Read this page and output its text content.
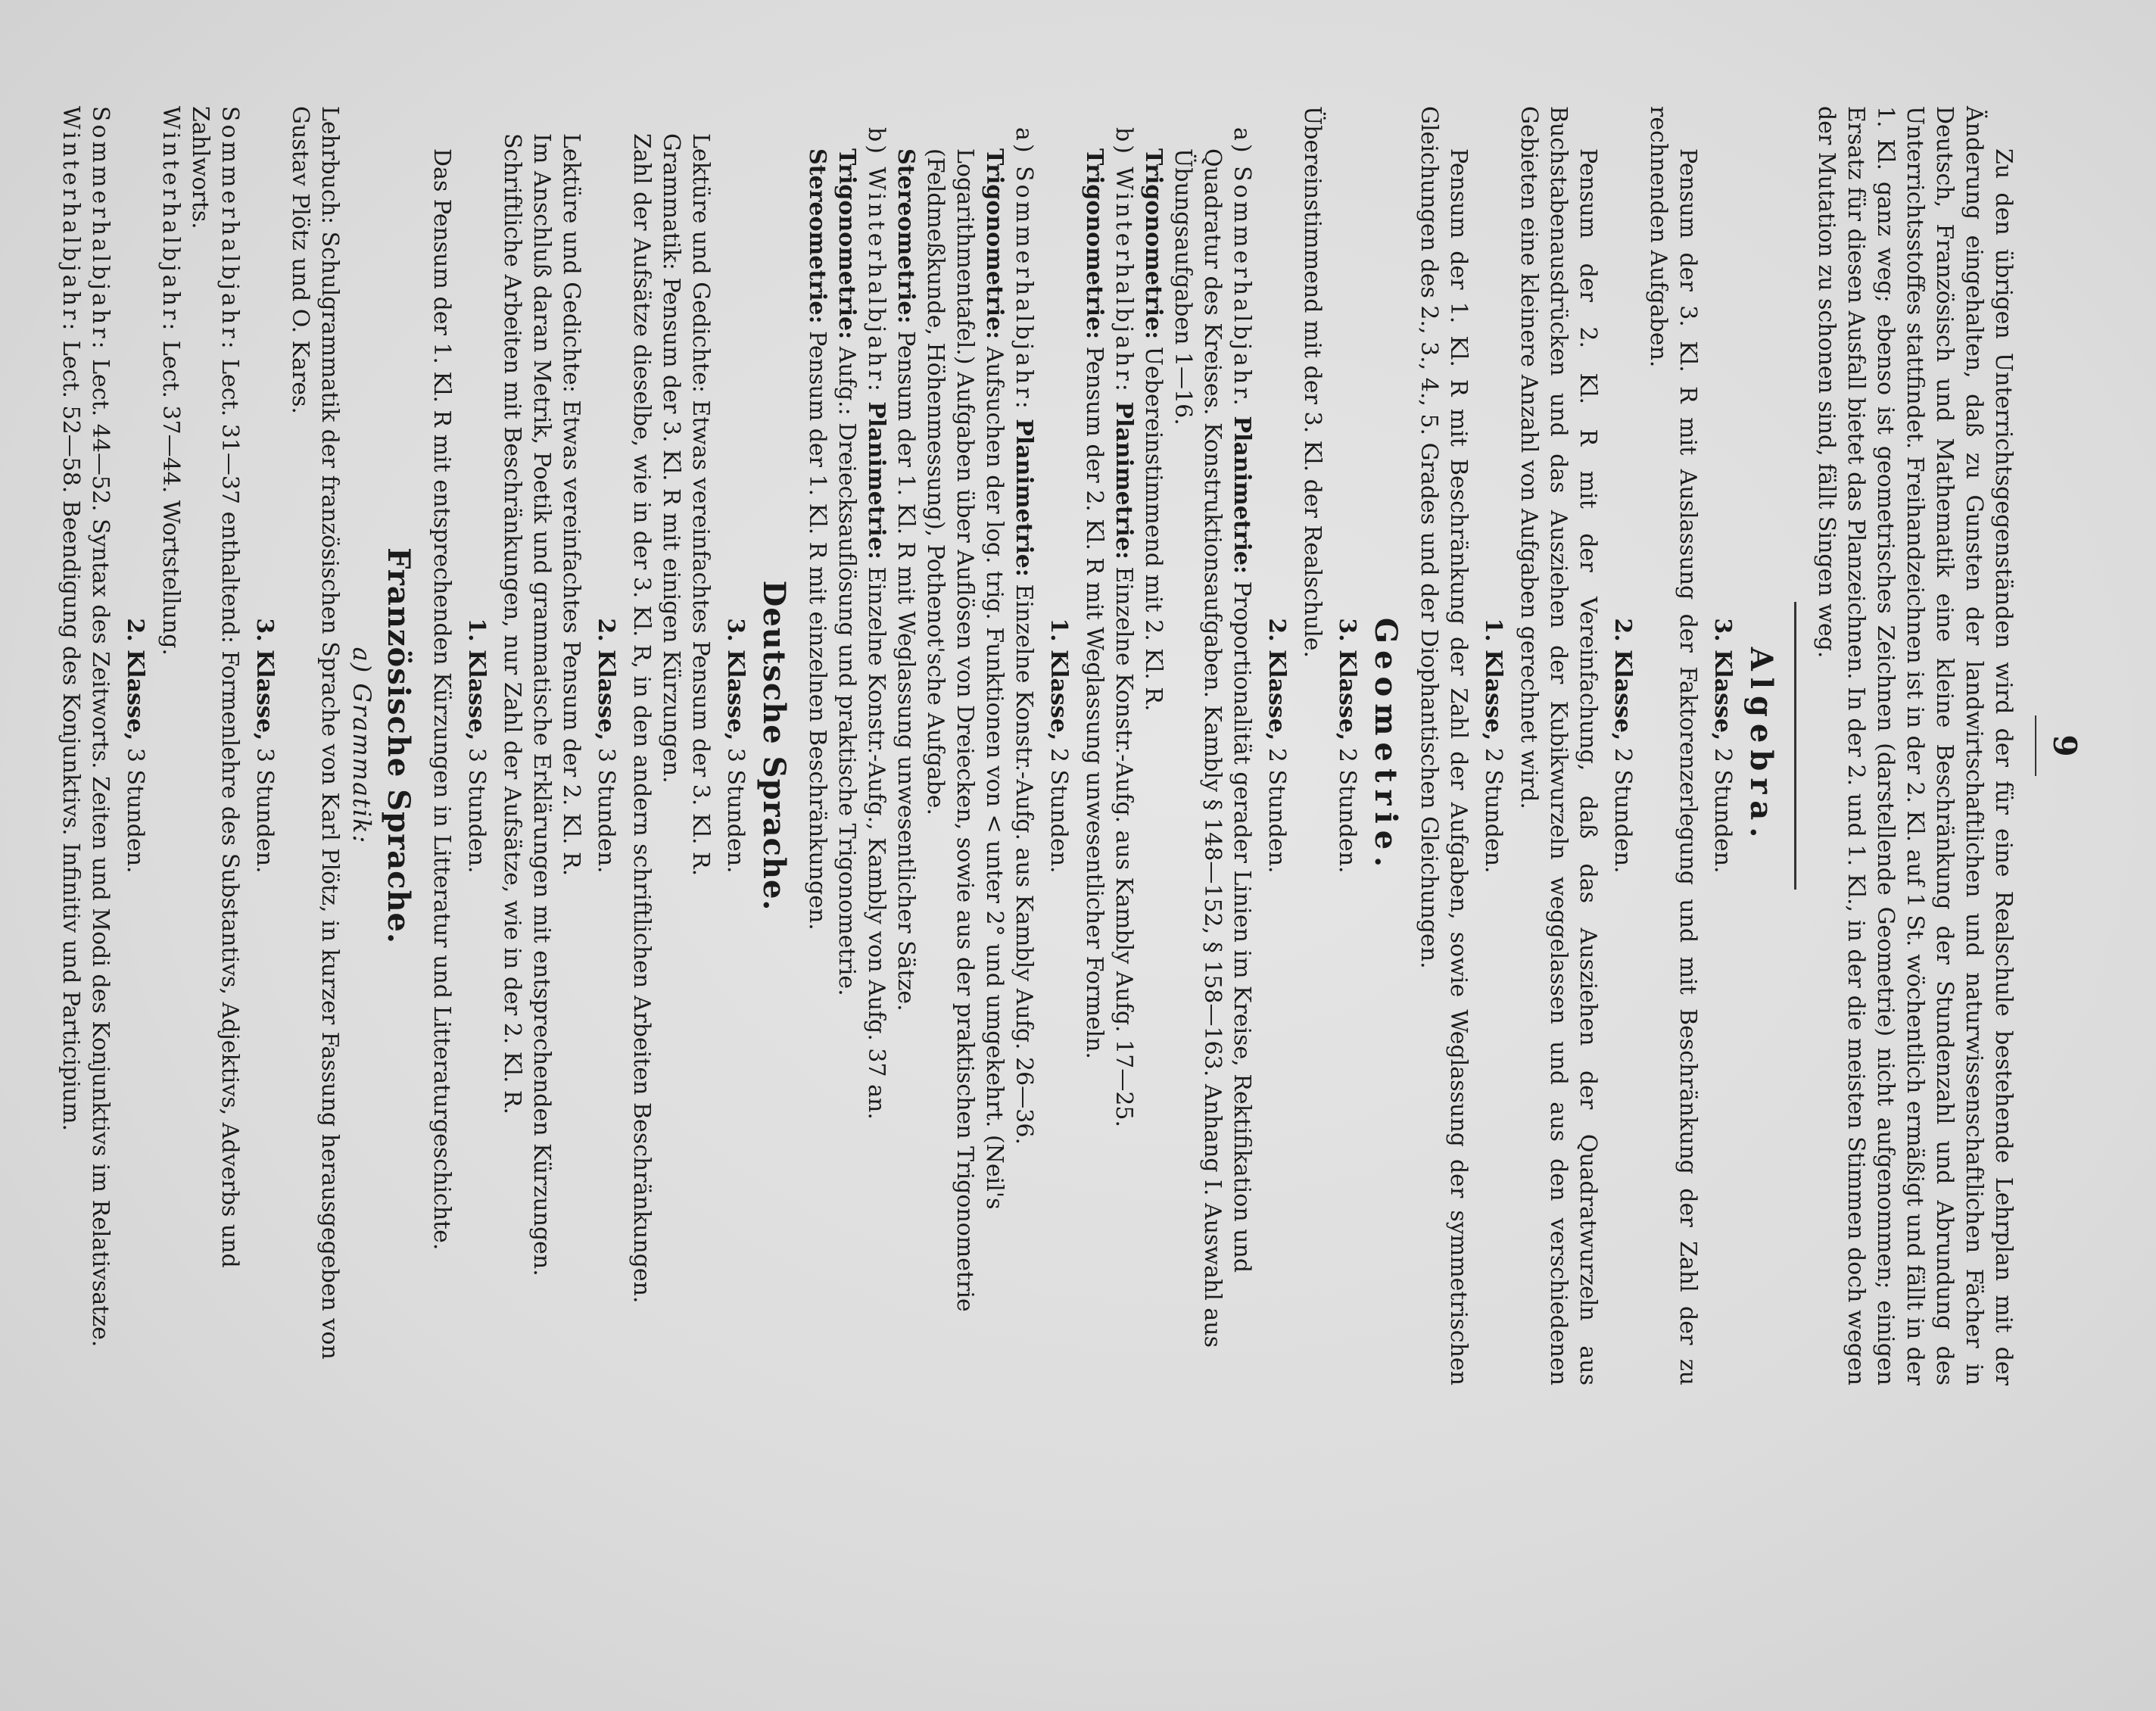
9

Zu den übrigen Unterrichtsgegenständen wird der für eine Realschule bestehende Lehrplan mit der Änderung eingehalten, daß zu Gunsten der landwirtschaftlichen und naturwissenschaftlichen Fächer in Deutsch, Französisch und Mathematik eine kleine Beschränkung der Stundenzahl und Abrundung des Unterrichtsstoffes stattfindet. Freihandzeichnen ist in der 2. Kl. auf 1 St. wöchentlich ermäßigt und fällt in der 1. Kl. ganz weg; ebenso ist geometrisches Zeichnen (darstellende Geometrie) nicht aufgenommen; einigen Ersatz für diesen Ausfall bietet das Planzeichnen. In der 2. und 1. Kl., in der die meisten Stimmen doch wegen der Mutation zu schonen sind, fällt Singen weg.

Algebra.
3. Klasse, 2 Stunden.

Pensum der 3. Kl. R mit Auslassung der Faktorenzerlegung und mit Beschränkung der Zahl der zu rechnenden Aufgaben.

2. Klasse, 2 Stunden.

Pensum der 2. Kl. R mit der Vereinfachung, daß das Ausziehen der Quadratwurzeln aus Buchstabenausdrücken und das Ausziehen der Kubikwurzeln weggelassen und aus den verschiedenen Gebieten eine kleinere Anzahl von Aufgaben gerechnet wird.

1. Klasse, 2 Stunden.

Pensum der 1. Kl. R mit Beschränkung der Zahl der Aufgaben, sowie Weglassung der symmetrischen Gleichungen des 2., 3., 4., 5. Grades und der Diophantischen Gleichungen.

Geometrie.
3. Klasse, 2 Stunden.

Übereinstimmend mit der 3. Kl. der Realschule.

2. Klasse, 2 Stunden.

a) Sommerhalbjahr. Planimetrie: Proportionalität gerader Linien im Kreise, Rektifikation und Quadratur des Kreises. Konstruktionsaufgaben. Kambly § 148—152, § 158—163. Anhang I. Auswahl aus Übungsaufgaben 1—16.

Trigonometrie: Uebereinstimmend mit 2. Kl. R.

b) Winterhalbjahr: Planimetrie: Einzelne Konstr.-Aufg. aus Kambly Aufg. 17—25.

Trigonometrie: Pensum der 2. Kl. R mit Weglassung unwesentlicher Formeln.

1. Klasse, 2 Stunden.

a) Sommerhalbjahr: Planimetrie: Einzelne Konstr.-Aufg. aus Kambly Aufg. 26—36.

Trigonometrie: Aufsuchen der log. trig. Funktionen von < unter 2° und umgekehrt. (Neil's Logarithmentafel.) Aufgaben über Auflösen von Dreiecken, sowie aus der praktischen Trigonometrie (Feldmeßkunde, Höhenmessung), Pothenot'sche Aufgabe.

Stereometrie: Pensum der 1. Kl. R mit Weglassung unwesentlicher Sätze.

b) Winterhalbjahr: Planimetrie: Einzelne Konstr.-Aufg., Kambly von Aufg. 37 an.

Trigonometrie: Aufg.: Dreiecksauflösung und praktische Trigonometrie.

Stereometrie: Pensum der 1. Kl. R mit einzelnen Beschränkungen.

Deutsche Sprache.
3. Klasse, 3 Stunden.

Lektüre und Gedichte: Etwas vereinfachtes Pensum der 3. Kl. R.

Grammatik: Pensum der 3. Kl. R mit einigen Kürzungen.

Zahl der Aufsätze dieselbe, wie in der 3. Kl. R, in den andern schriftlichen Arbeiten Beschränkungen.

2. Klasse, 3 Stunden.

Lektüre und Gedichte: Etwas vereinfachtes Pensum der 2. Kl. R.

Im Anschluß daran Metrik, Poetik und grammatische Erklärungen mit entsprechenden Kürzungen.

Schriftliche Arbeiten mit Beschränkungen, nur Zahl der Aufsätze, wie in der 2. Kl. R.

1. Klasse, 3 Stunden.

Das Pensum der 1. Kl. R mit entsprechenden Kürzungen in Litteratur und Litteraturgeschichte.

Französische Sprache.
a) Grammatik:

Lehrbuch: Schulgrammatik der französischen Sprache von Karl Plötz, in kurzer Fassung herausgegeben von Gustav Plötz und O. Kares.

3. Klasse, 3 Stunden.

Sommerhalbjahr: Lect. 31—37 enthaltend: Formenlehre des Substantivs, Adjektivs, Adverbs und Zahlworts.

Winterhalbjahr: Lect. 37—44. Wortstellung.

2. Klasse, 3 Stunden.

Sommerhalbjahr: Lect. 44—52. Syntax des Zeitworts. Zeiten und Modi des Konjunktivs im Relativsatze.

Winterhalbjahr: Lect. 52—58. Beendigung des Konjunktivs. Infinitiv und Participium.
